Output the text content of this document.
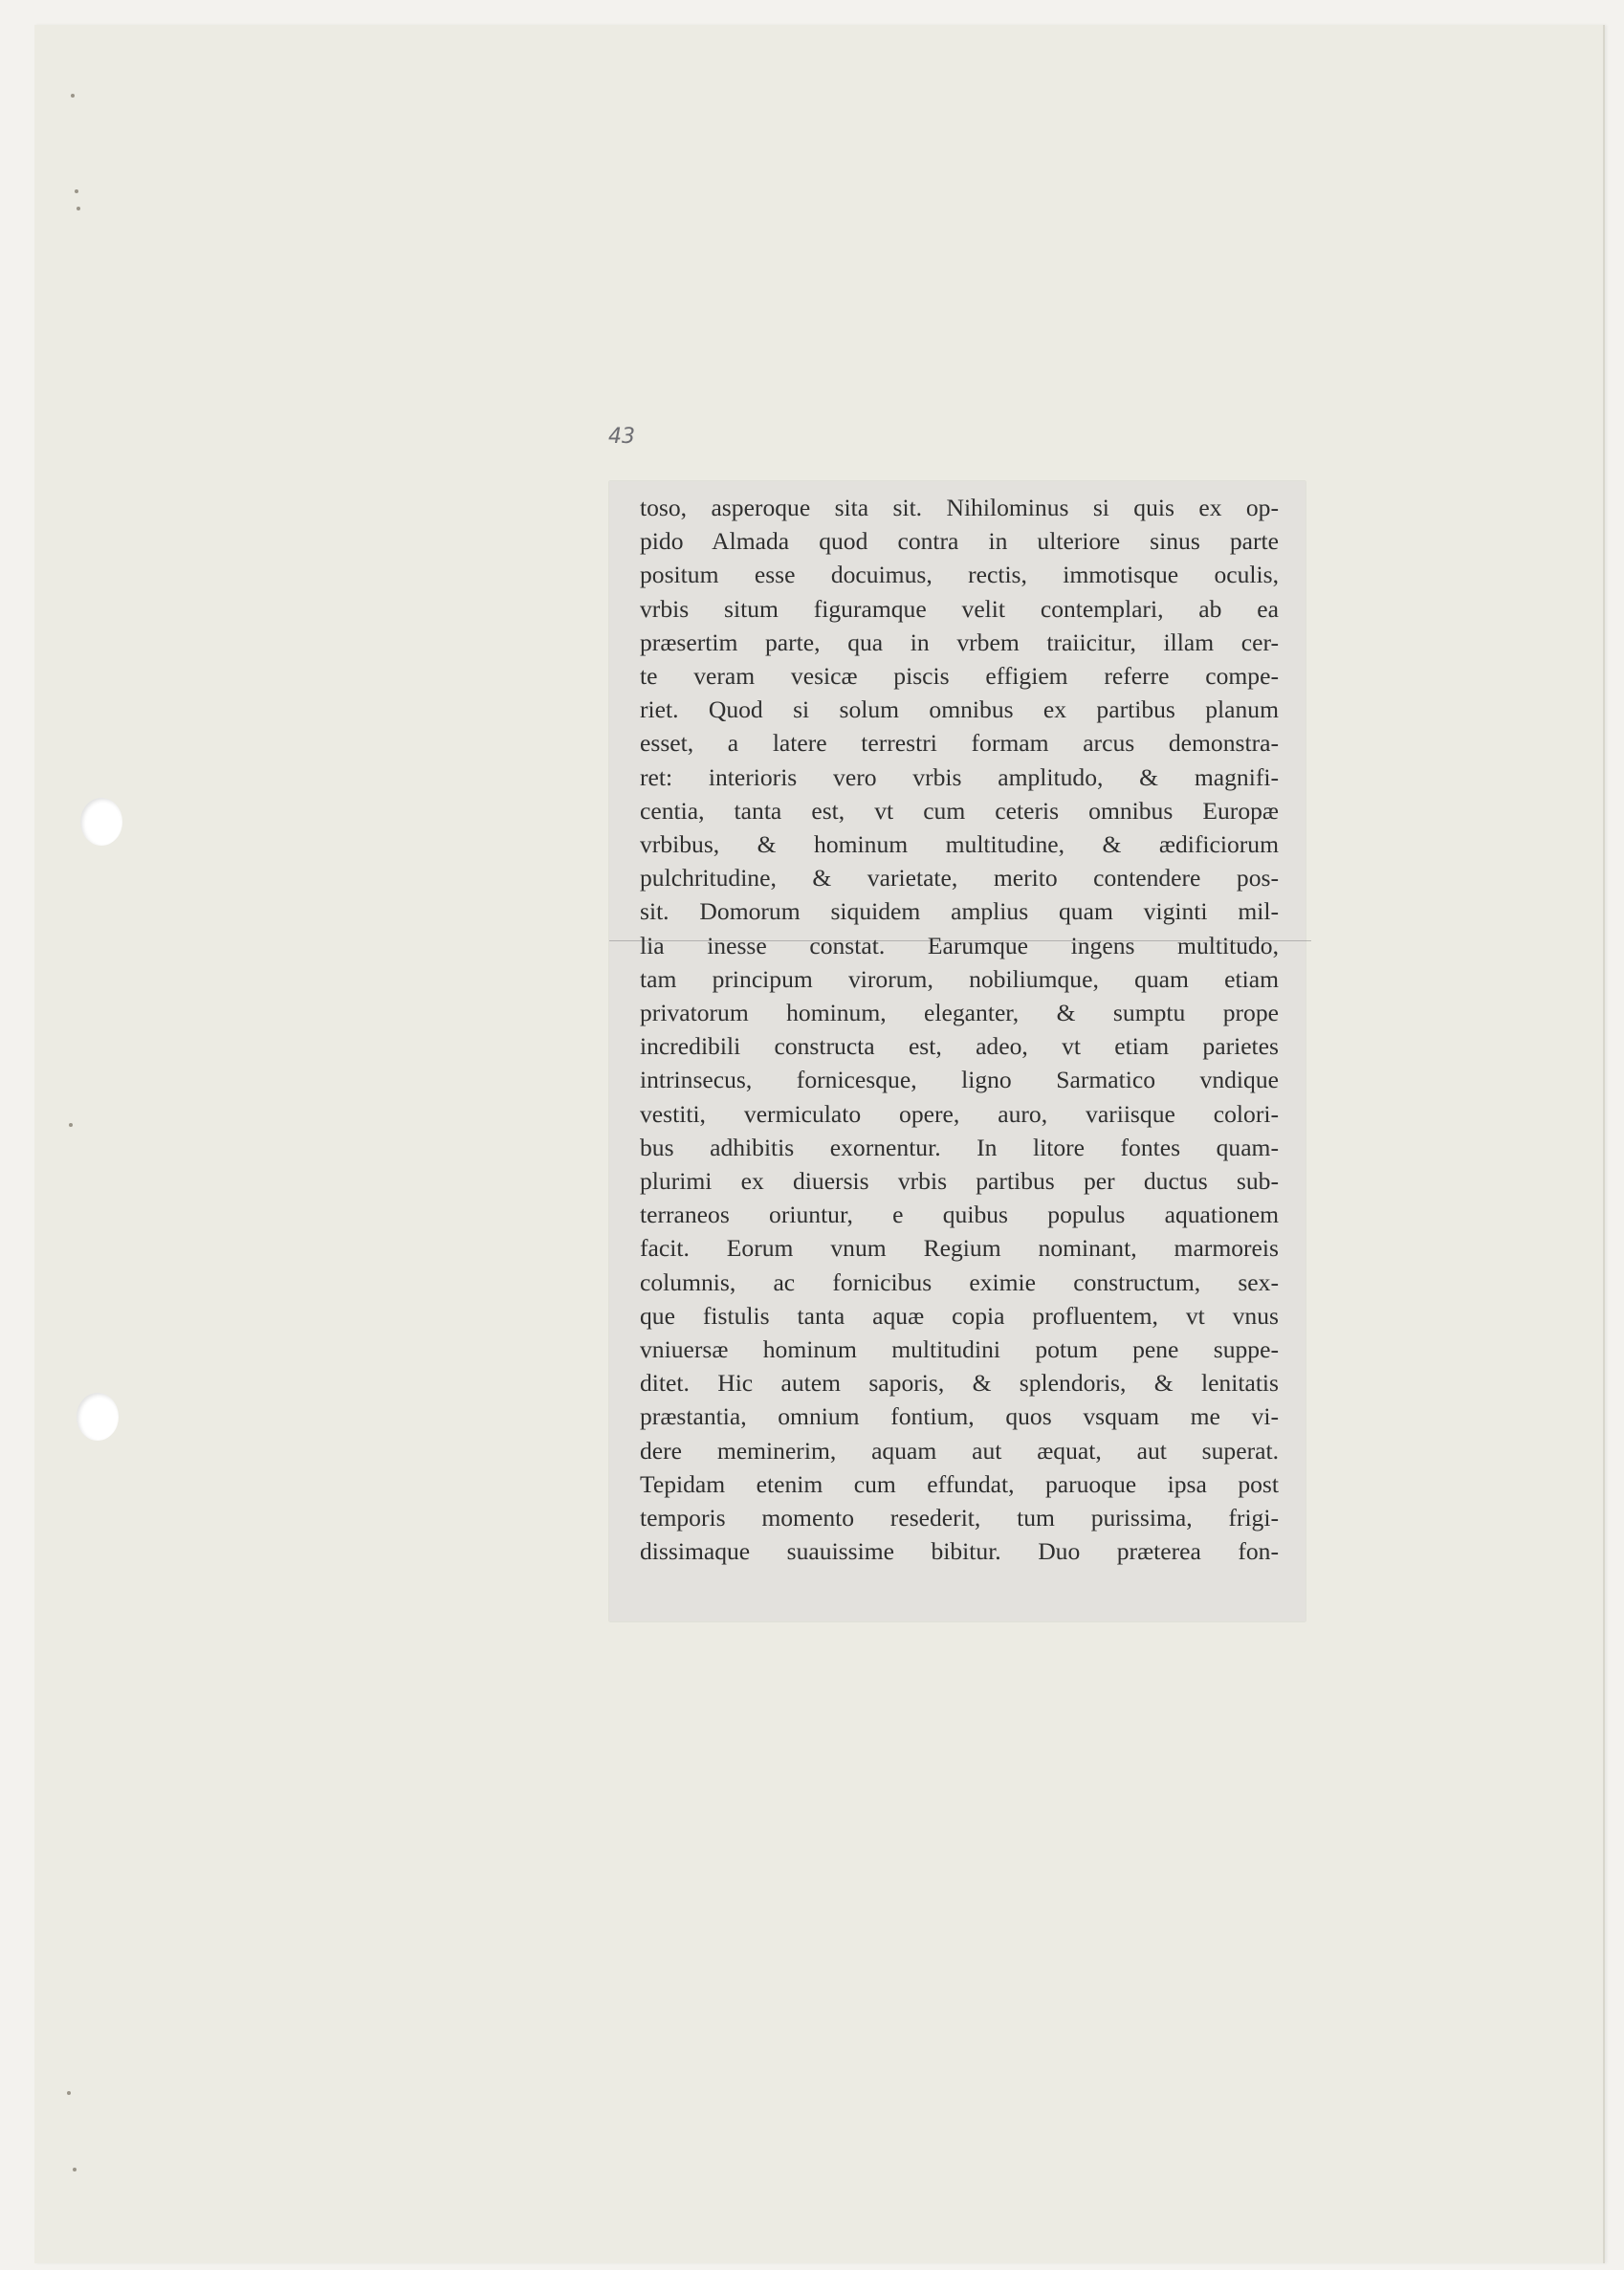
43
toso, asperoque sita sit. Nihilominus si quis ex op-
pido Almada quod contra in ulteriore sinus parte
positum esse docuimus, rectis, immotisque oculis,
vrbis situm figuramque velit contemplari, ab ea
præsertim parte, qua in vrbem traiicitur, illam cer-
te veram vesicæ piscis effigiem referre compe-
riet. Quod si solum omnibus ex partibus planum
esset, a latere terrestri formam arcus demonstra-
ret: interioris vero vrbis amplitudo, & magnifi-
centia, tanta est, vt cum ceteris omnibus Europæ
vrbibus, & hominum multitudine, & ædificiorum
pulchritudine, & varietate, merito contendere pos-
sit. Domorum siquidem amplius quam viginti mil-
lia inesse constat. Earumque ingens multitudo,
tam principum virorum, nobiliumque, quam etiam
privatorum hominum, eleganter, & sumptu prope
incredibili constructa est, adeo, vt etiam parietes
intrinsecus, fornicesque, ligno Sarmatico vndique
vestiti, vermiculato opere, auro, variisque colori-
bus adhibitis exornentur. In litore fontes quam-
plurimi ex diuersis vrbis partibus per ductus sub-
terraneos oriuntur, e quibus populus aquationem
facit. Eorum vnum Regium nominant, marmoreis
columnis, ac fornicibus eximie constructum, sex-
que fistulis tanta aquæ copia profluentem, vt vnus
vniuersæ hominum multitudini potum pene suppe-
ditet. Hic autem saporis, & splendoris, & lenitatis
præstantia, omnium fontium, quos vsquam me vi-
dere meminerim, aquam aut æquat, aut superat.
Tepidam etenim cum effundat, paruoque ipsa post
temporis momento resederit, tum purissima, frigi-
dissimaque suauissime bibitur. Duo præterea fon-
